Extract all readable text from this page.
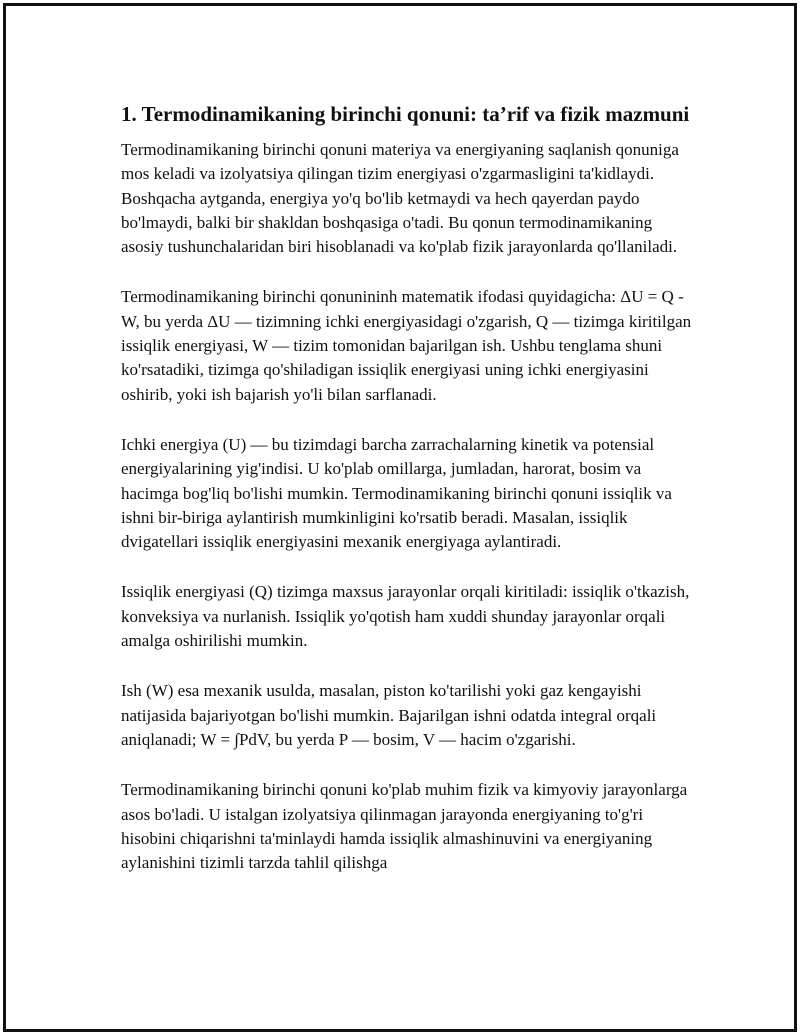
1. Termodinamikaning birinchi qonuni: ta’rif va fizik mazmuni

Termodinamikaning birinchi qonuni materiya va energiyaning saqlanish qonuniga mos keladi va izolyatsiya qilingan tizim energiyasi o'zgarmasligini ta'kidlaydi. Boshqacha aytganda, energiya yo'q bo'lib ketmaydi va hech qayerdan paydo bo'lmaydi, balki bir shakldan boshqasiga o'tadi. Bu qonun termodinamikaning asosiy tushunchalaridan biri hisoblanadi va ko'plab fizik jarayonlarda qo'llaniladi.

Termodinamikaning birinchi qonunininh matematik ifodasi quyidagicha: ΔU = Q - W, bu yerda ΔU — tizimning ichki energiyasidagi o'zgarish, Q — tizimga kiritilgan issiqlik energiyasi, W — tizim tomonidan bajarilgan ish. Ushbu tenglama shuni ko'rsatadiki, tizimga qo'shiladigan issiqlik energiyasi uning ichki energiyasini oshirib, yoki ish bajarish yo'li bilan sarflanadi.

Ichki energiya (U) — bu tizimdagi barcha zarrachalarning kinetik va potensial energiyalarining yig'indisi. U ko'plab omillarga, jumladan, harorat, bosim va hacimga bog'liq bo'lishi mumkin. Termodinamikaning birinchi qonuni issiqlik va ishni bir-biriga aylantirish mumkinligini ko'rsatib beradi. Masalan, issiqlik dvigatellari issiqlik energiyasini mexanik energiyaga aylantiradi.

Issiqlik energiyasi (Q) tizimga maxsus jarayonlar orqali kiritiladi: issiqlik o'tkazish, konveksiya va nurlanish. Issiqlik yo'qotish ham xuddi shunday jarayonlar orqali amalga oshirilishi mumkin.

Ish (W) esa mexanik usulda, masalan, piston ko'tarilishi yoki gaz kengayishi natijasida bajariyotgan bo'lishi mumkin. Bajarilgan ishni odatda integral orqali aniqlanadi; W = ∫PdV, bu yerda P — bosim, V — hacim o'zgarishi.

Termodinamikaning birinchi qonuni ko'plab muhim fizik va kimyoviy jarayonlarga asos bo'ladi. U istalgan izolyatsiya qilinmagan jarayonda energiyaning to'g'ri hisobini chiqarishni ta'minlaydi hamda issiqlik almashinuvini va energiyaning aylanishini tizimli tarzda tahlil qilishga
